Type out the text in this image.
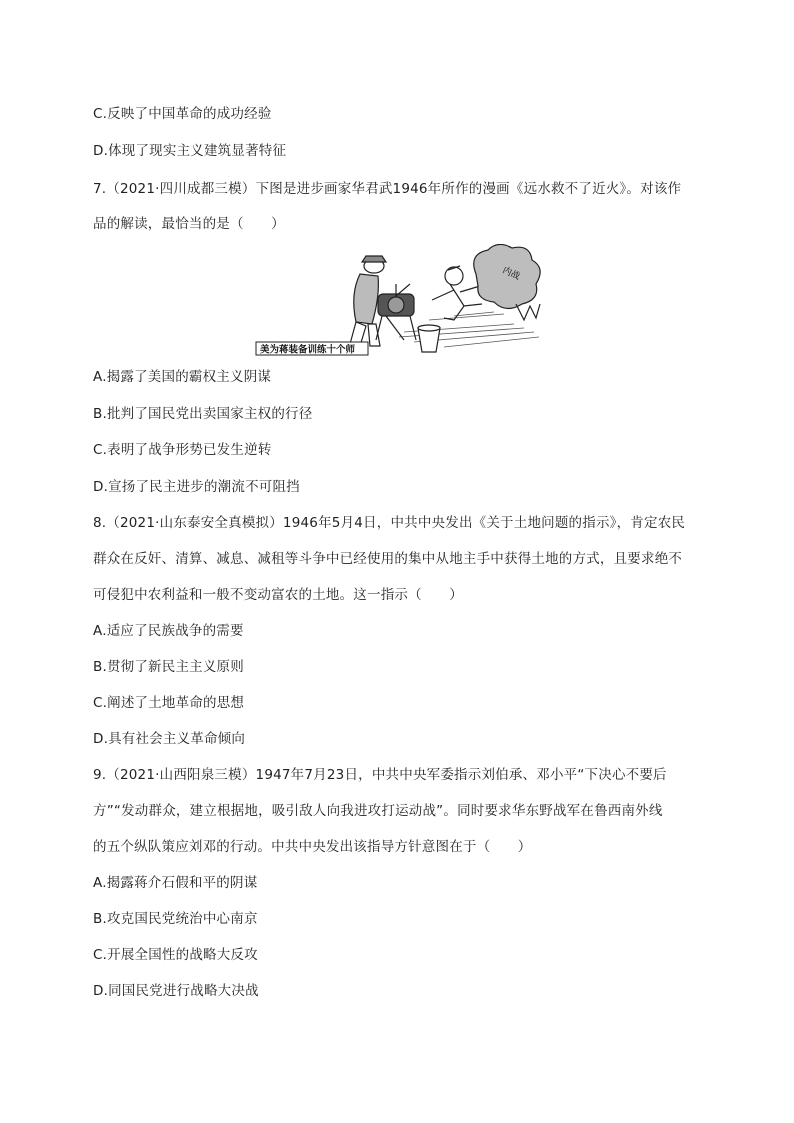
C.反映了中国革命的成功经验
D.体现了现实主义建筑显著特征
7.（2021·四川成都三模）下图是进步画家华君武1946年所作的漫画《远水救不了近火》。对该作
品的解读，最恰当的是（　　）
内战
美为蒋装备训练十个师
A.揭露了美国的霸权主义阴谋
B.批判了国民党出卖国家主权的行径
C.表明了战争形势已发生逆转
D.宣扬了民主进步的潮流不可阻挡
8.（2021·山东泰安全真模拟）1946年5月4日，中共中央发出《关于土地问题的指示》，肯定农民
群众在反奸、清算、减息、减租等斗争中已经使用的集中从地主手中获得土地的方式，且要求绝不
可侵犯中农利益和一般不变动富农的土地。这一指示（　　）
A.适应了民族战争的需要
B.贯彻了新民主主义原则
C.阐述了土地革命的思想
D.具有社会主义革命倾向
9.（2021·山西阳泉三模）1947年7月23日，中共中央军委指示刘伯承、邓小平“下决心不要后
方”“发动群众，建立根据地，吸引敌人向我进攻打运动战”。同时要求华东野战军在鲁西南外线
的五个纵队策应刘邓的行动。中共中央发出该指导方针意图在于（　　）
A.揭露蒋介石假和平的阴谋
B.攻克国民党统治中心南京
C.开展全国性的战略大反攻
D.同国民党进行战略大决战
